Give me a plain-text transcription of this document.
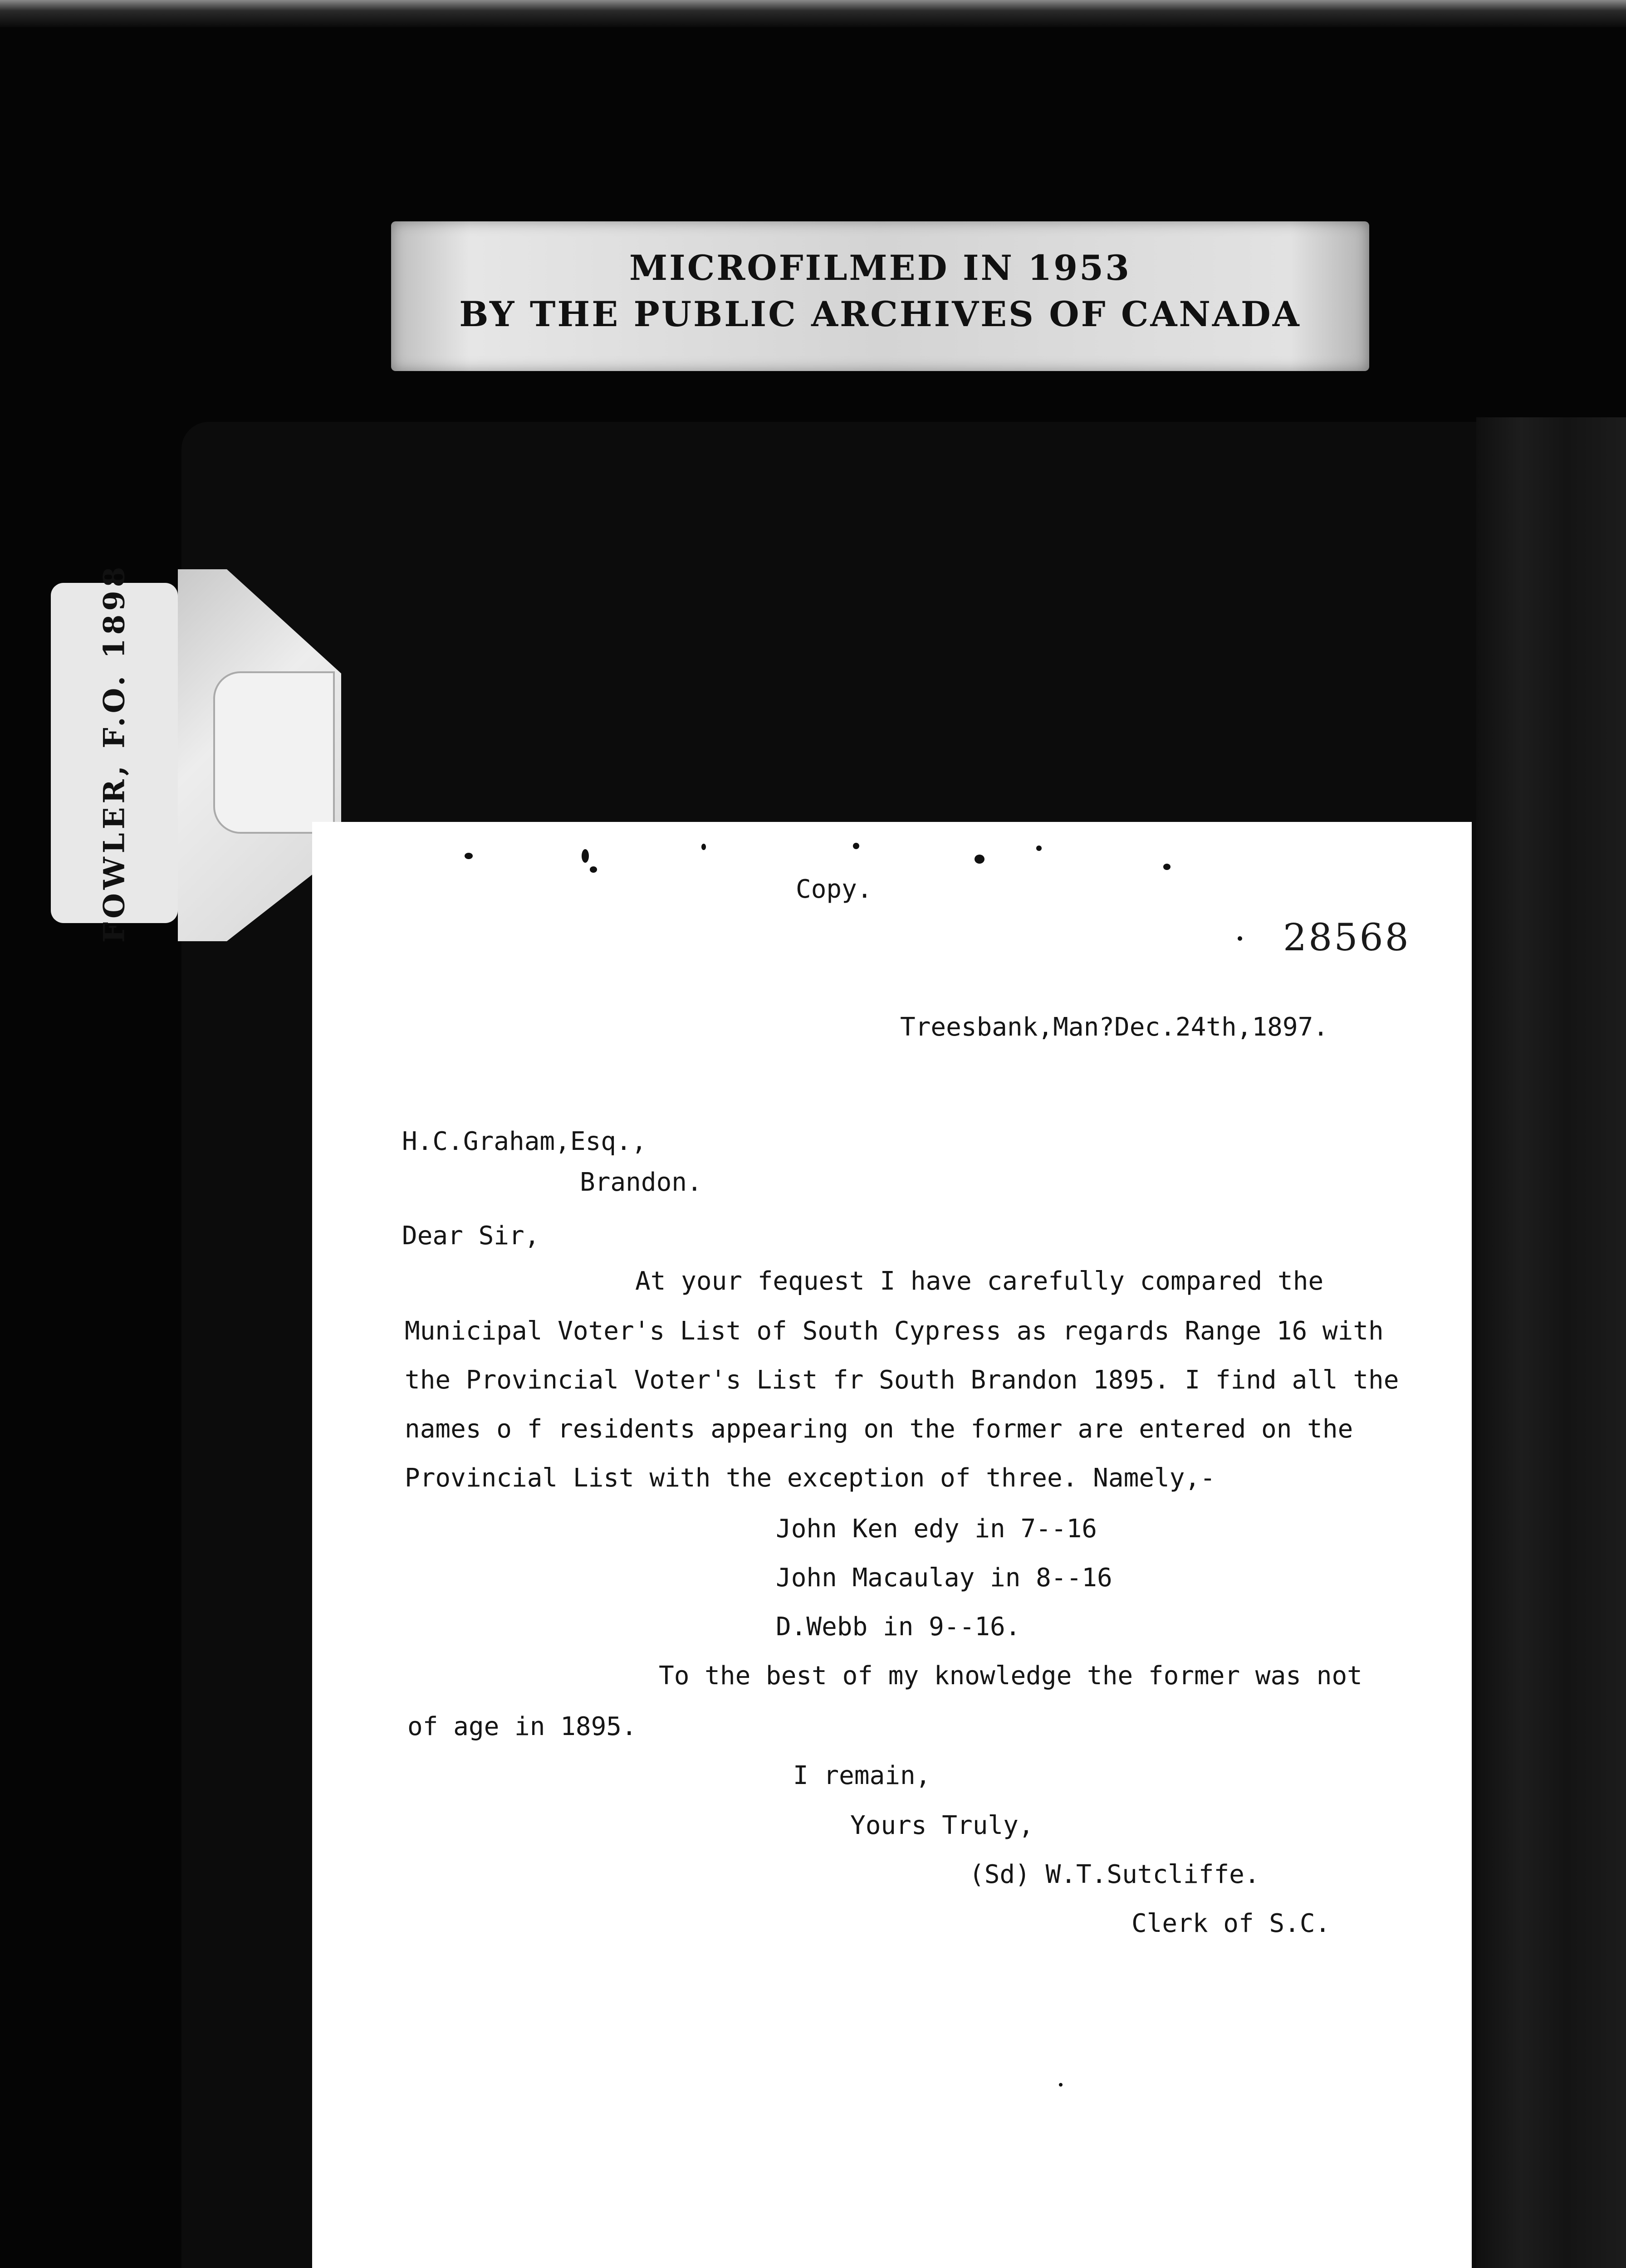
MICROFILMED IN 1953
BY THE PUBLIC ARCHIVES OF CANADA
FOWLER, F.O. 1898	Copy.
Treesbank,Man?Dec.24th,1897.
H.C.Graham,Esq.,
Brandon.
Dear Sir,
At your fequest I have carefully compared the
Municipal Voter's List of South Cypress as regards Range 16 with
the Provincial Voter's List fr South Brandon 1895. I find all the
names o f residents appearing on the former are entered on the
Provincial List with the exception of three. Namely,-
John Ken edy in 7--16
John Macaulay in 8--16
D.Webb in 9--16.
To the best of my knowledge the former was not
of age in 1895.
I remain,
Yours Truly,
(Sd) W.T.Sutcliffe.
Clerk of S.C.
28568
